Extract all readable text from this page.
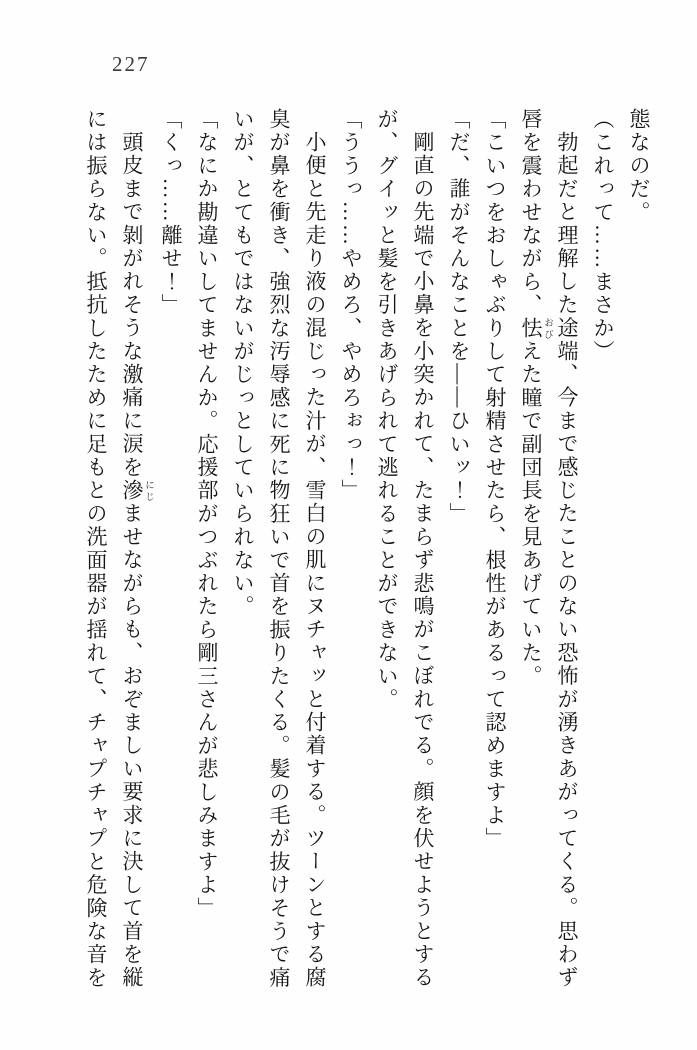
227

態なのだ。

（これって……まさか）

勃起だと理解した途端、今まで感じたことのない恐怖が湧きあがってくる。思わず唇を震わせながら、怯 おびえた瞳で副団長を見あげていた。

「こいつをおしゃぶりして射精させたら、根性があるって認めますよ」

「だ、誰がそんなことを――ひいッ！」

剛直の先端で小鼻を小突かれて、たまらず悲鳴がこぼれでる。顔を伏せようとするが、グイッと髪を引きあげられて逃れることができない。

「ううっ……やめろ、やめろぉっ！」

小便と先走り液の混じった汁が、雪白の肌にヌチャッと付着する。ツーンとする腐臭が鼻を衝き、強烈な汚辱感に死に物狂いで首を振りたくる。髪の毛が抜けそうで痛いが、とてもではないがじっとしていられない。

「なにか勘違いしてませんか。応援部がつぶれたら剛三さんが悲しみますよ」

「くっ……離せ！」

頭皮まで剝がれそうな激痛に涙を滲 にじませながらも、おぞましい要求に決して首を縦には振らない。抵抗したために足もとの洗面器が揺れて、チャプチャプと危険な音を
